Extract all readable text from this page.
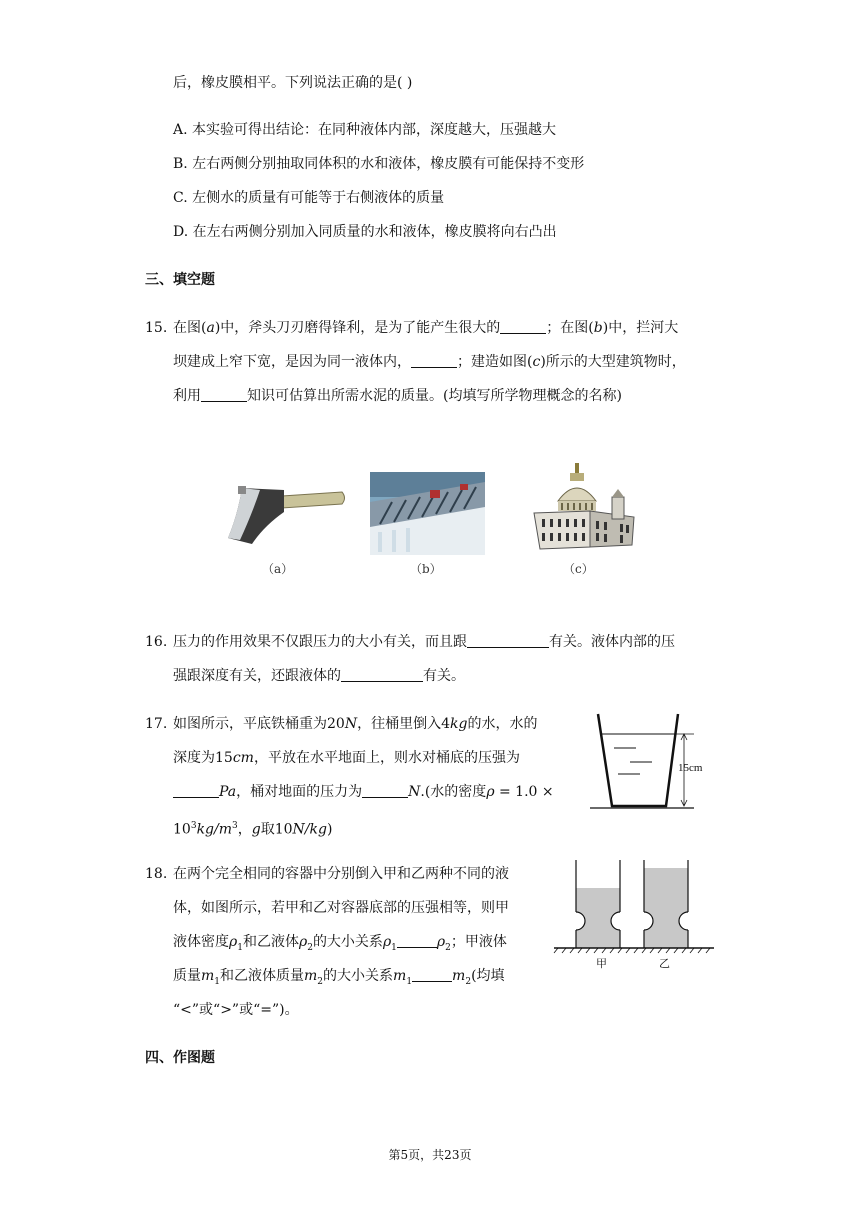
后，橡皮膜相平。下列说法正确的是( )
A. 本实验可得出结论：在同种液体内部，深度越大，压强越大
B. 左右两侧分别抽取同体积的水和液体，橡皮膜有可能保持不变形
C. 左侧水的质量有可能等于右侧液体的质量
D. 在左右两侧分别加入同质量的水和液体，橡皮膜将向右凸出
三、填空题
15. 在图(a)中，斧头刀刃磨得锋利，是为了能产生很大的	；在图(b)中，拦河大
坝建成上窄下宽，是因为同一液体内，	；建造如图(c)所示的大型建筑物时，
利用	知识可估算出所需水泥的质量。(均填写所学物理概念的名称)
（a）	（b）	（c）
16. 压力的作用效果不仅跟压力的大小有关，而且跟	有关。液体内部的压
强跟深度有关，还跟液体的	有关。
17. 如图所示，平底铁桶重为20N，往桶里倒入4kg的水，水的
深度为15cm，平放在水平地面上，则水对桶底的压强为
Pa，桶对地面的压力为	N.(水的密度ρ = 1.0 ×
$10^3kg/m^3$，g取10N/kg)
15cm
18. 在两个完全相同的容器中分别倒入甲和乙两种不同的液
体，如图所示，若甲和乙对容器底部的压强相等，则甲
液体密度$\rho_1$和乙液体$\rho_2$的大小关系$\rho_1$	$\rho_2$；甲液体
质量$m_1$和乙液体质量$m_2$的大小关系$m_1$	$m_2$(均填
“<”或“>”或“=”)。
甲	乙
四、作图题
第5页，共23页
